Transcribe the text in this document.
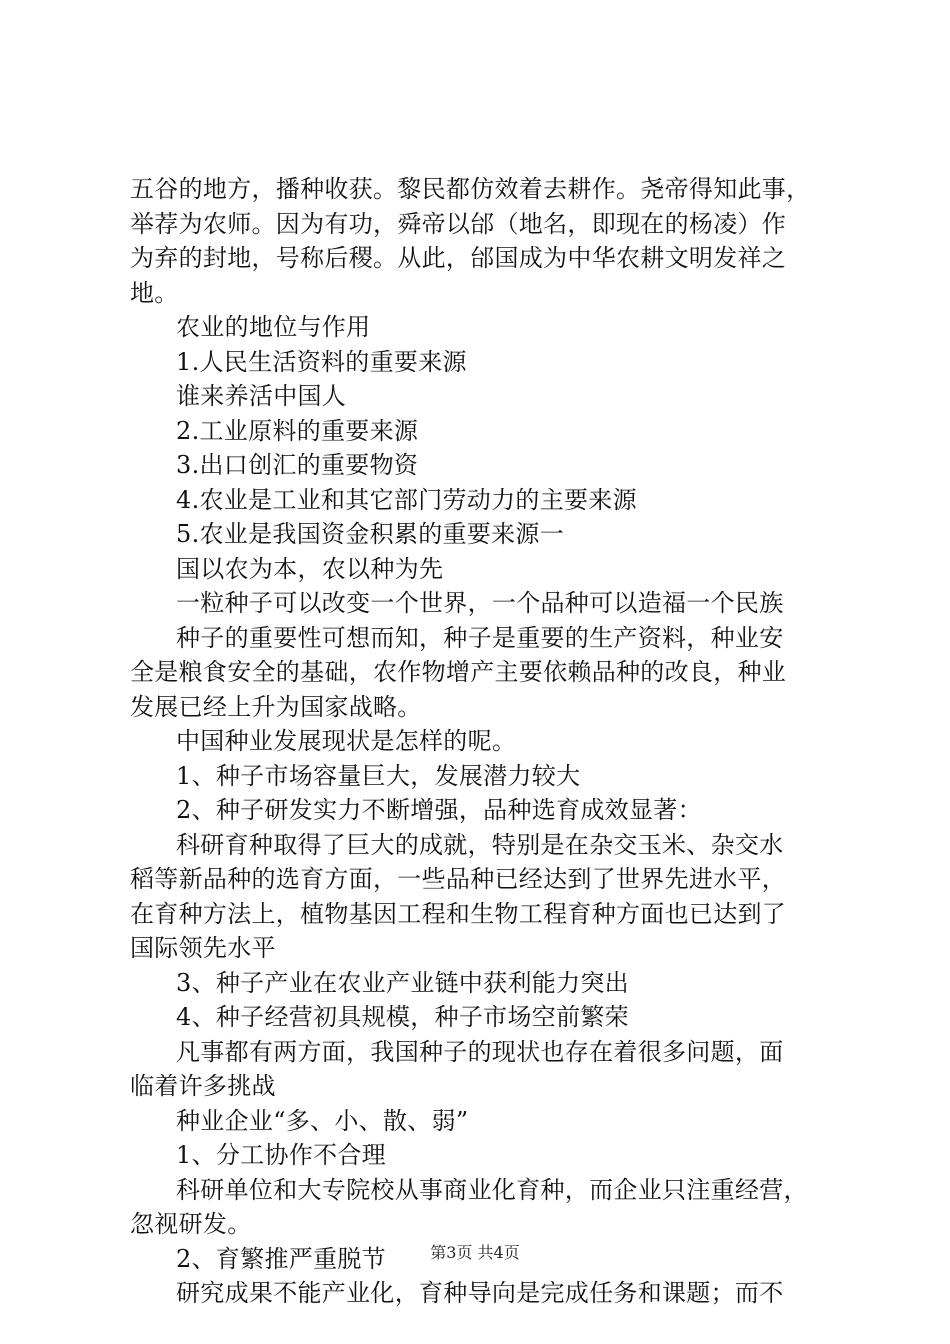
五谷的地方，播种收获。黎民都仿效着去耕作。尧帝得知此事，
举荐为农师。因为有功，舜帝以邰（地名，即现在的杨凌）作
为弃的封地，号称后稷。从此，邰国成为中华农耕文明发祥之
地。
农业的地位与作用
1.人民生活资料的重要来源
谁来养活中国人
2.工业原料的重要来源
3.出口创汇的重要物资
4.农业是工业和其它部门劳动力的主要来源
5.农业是我国资金积累的重要来源一
国以农为本，农以种为先
一粒种子可以改变一个世界，一个品种可以造福一个民族
种子的重要性可想而知，种子是重要的生产资料，种业安
全是粮食安全的基础，农作物增产主要依赖品种的改良，种业
发展已经上升为国家战略。
中国种业发展现状是怎样的呢。
1、种子市场容量巨大，发展潜力较大
2、种子研发实力不断增强，品种选育成效显著：
科研育种取得了巨大的成就，特别是在杂交玉米、杂交水
稻等新品种的选育方面，一些品种已经达到了世界先进水平，
在育种方法上，植物基因工程和生物工程育种方面也已达到了
国际领先水平
3、种子产业在农业产业链中获利能力突出
4、种子经营初具规模，种子市场空前繁荣
凡事都有两方面，我国种子的现状也存在着很多问题，面
临着许多挑战
种业企业“多、小、散、弱”
1、分工协作不合理
科研单位和大专院校从事商业化育种，而企业只注重经营，
忽视研发。
2、育繁推严重脱节
研究成果不能产业化，育种导向是完成任务和课题；而不
第3页 共4页
